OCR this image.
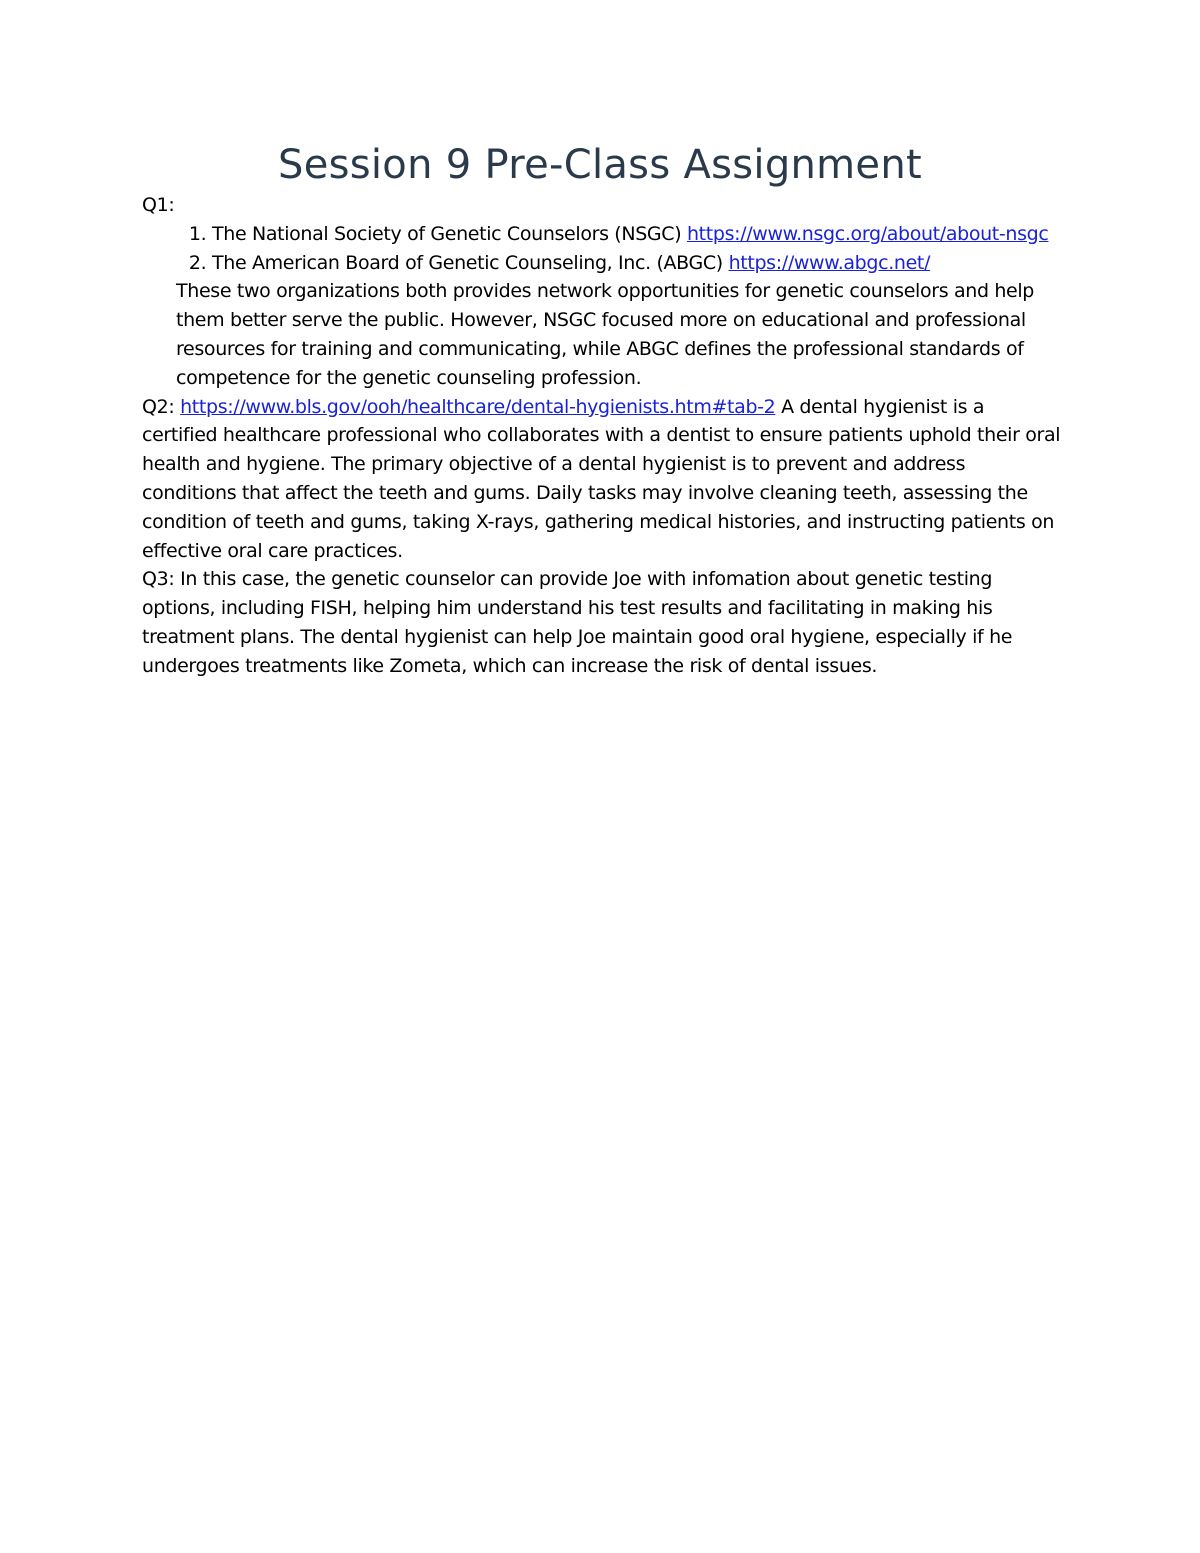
Session 9 Pre-Class Assignment

Q1:

1. The National Society of Genetic Counselors (NSGC) https://www.nsgc.org/about/about-nsgc
2. The American Board of Genetic Counseling, Inc. (ABGC) https://www.abgc.net/

These two organizations both provides network opportunities for genetic counselors and help them better serve the public. However, NSGC focused more on educational and professional resources for training and communicating, while ABGC defines the professional standards of competence for the genetic counseling profession.

Q2: https://www.bls.gov/ooh/healthcare/dental-hygienists.htm#tab-2 A dental hygienist is a certified healthcare professional who collaborates with a dentist to ensure patients uphold their oral health and hygiene. The primary objective of a dental hygienist is to prevent and address conditions that affect the teeth and gums. Daily tasks may involve cleaning teeth, assessing the condition of teeth and gums, taking X-rays, gathering medical histories, and instructing patients on effective oral care practices.

Q3: In this case, the genetic counselor can provide Joe with infomation about genetic testing options, including FISH, helping him understand his test results and facilitating in making his treatment plans. The dental hygienist can help Joe maintain good oral hygiene, especially if he undergoes treatments like Zometa, which can increase the risk of dental issues.
